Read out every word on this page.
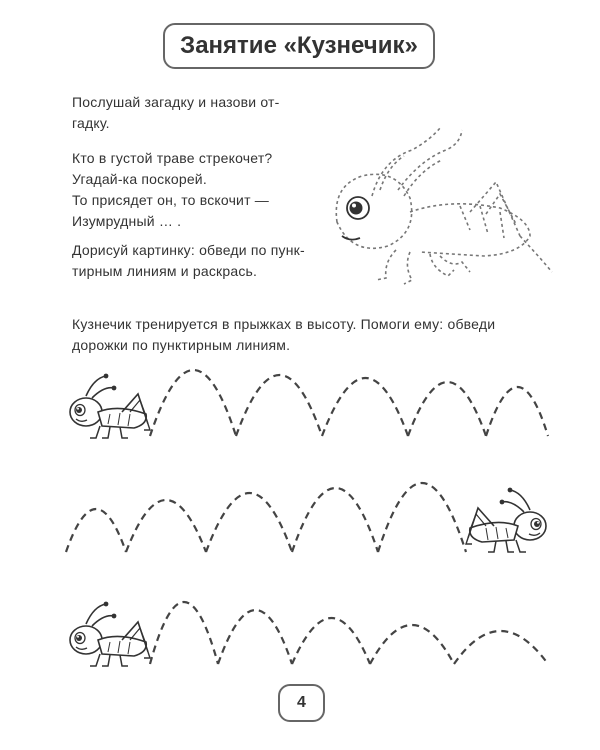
Занятие «Кузнечик»

Послушай загадку и назови от-

гадку.

Кто в густой траве стрекочет?

Угадай-ка поскорей.

То присядет он, то вскочит —

Изумрудный … .

Дорисуй картинку: обведи по пунк-

тирным линиям и раскрась.

Кузнечик тренируется в прыжках в высоту. Помоги ему: обведи

дорожки по пунктирным линиям.

4
